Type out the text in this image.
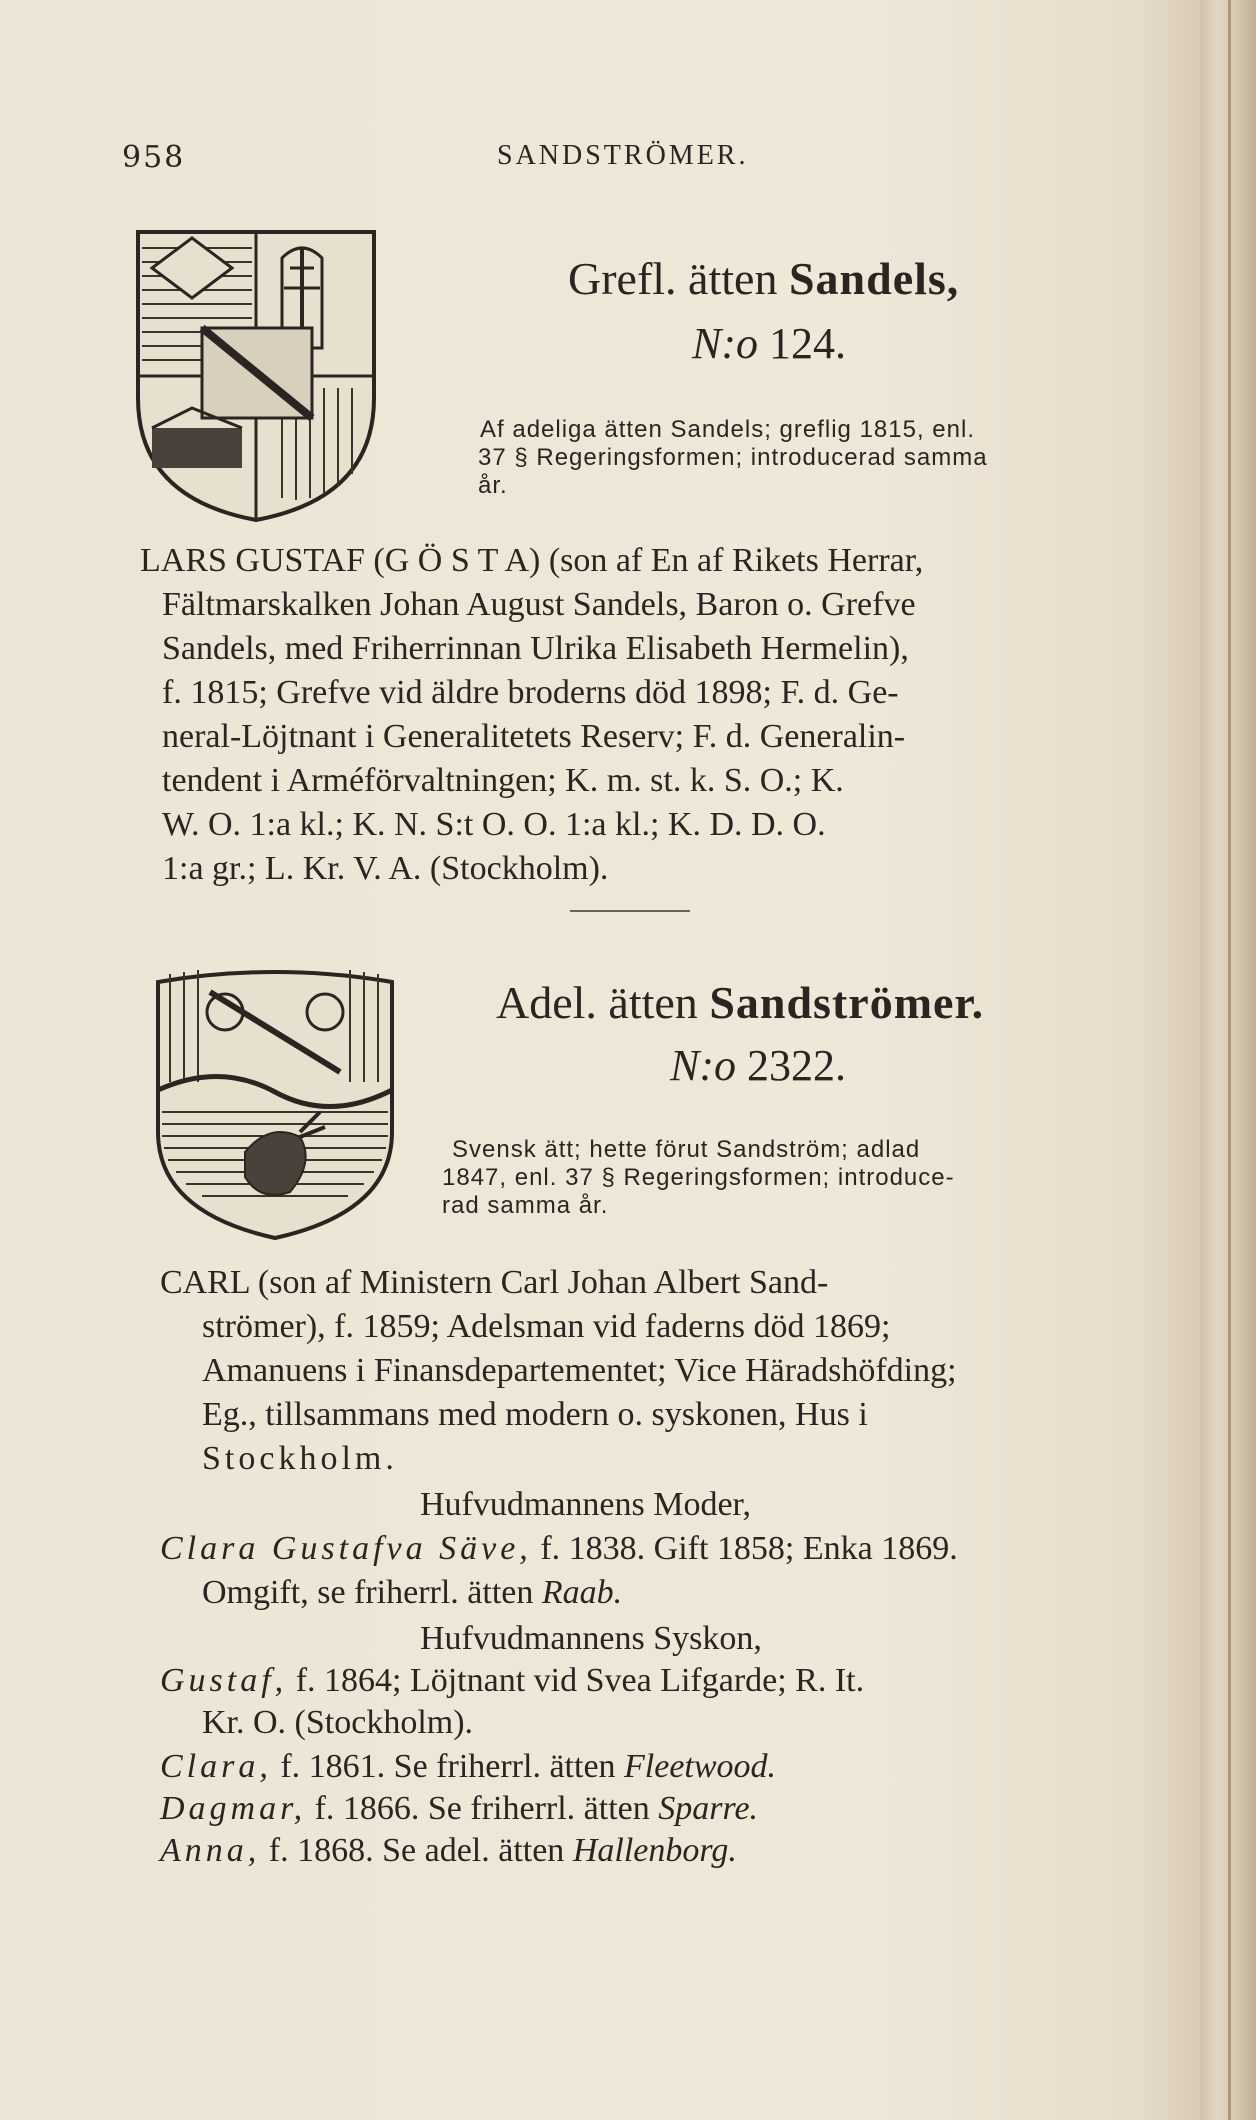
958	SANDSTRÖMER.
Grefl. ätten Sandels,
N:o 124.
Af adeliga ätten Sandels; greflig 1815, enl.
37 § Regeringsformen; introducerad samma
år.
LARS GUSTAF (G Ö S T A) (son af En af Rikets Herrar,
Fältmarskalken Johan August Sandels, Baron o. Grefve
Sandels, med Friherrinnan Ulrika Elisabeth Hermelin),
f. 1815; Grefve vid äldre broderns död 1898; F. d. Ge-
neral-Löjtnant i Generalitetets Reserv; F. d. Generalin-
tendent i Arméförvaltningen; K. m. st. k. S. O.; K.
W. O. 1:a kl.; K. N. S:t O. O. 1:a kl.; K. D. D. O.
1:a gr.; L. Kr. V. A. (Stockholm).
Adel. ätten Sandströmer.
N:o 2322.
Svensk ätt; hette förut Sandström; adlad
1847, enl. 37 § Regeringsformen; introduce-
rad samma år.
CARL (son af Ministern Carl Johan Albert Sand-
strömer), f. 1859; Adelsman vid faderns död 1869;
Amanuens i Finansdepartementet; Vice Häradshöfding;
Eg., tillsammans med modern o. syskonen, Hus i
Stockholm.
Hufvudmannens Moder,
Clara Gustafva Säve, f. 1838. Gift 1858; Enka 1869.
Omgift, se friherrl. ätten Raab.
Hufvudmannens Syskon,
Gustaf, f. 1864; Löjtnant vid Svea Lifgarde; R. It.
Kr. O. (Stockholm).
Clara, f. 1861. Se friherrl. ätten Fleetwood.
Dagmar, f. 1866. Se friherrl. ätten Sparre.
Anna, f. 1868. Se adel. ätten Hallenborg.
